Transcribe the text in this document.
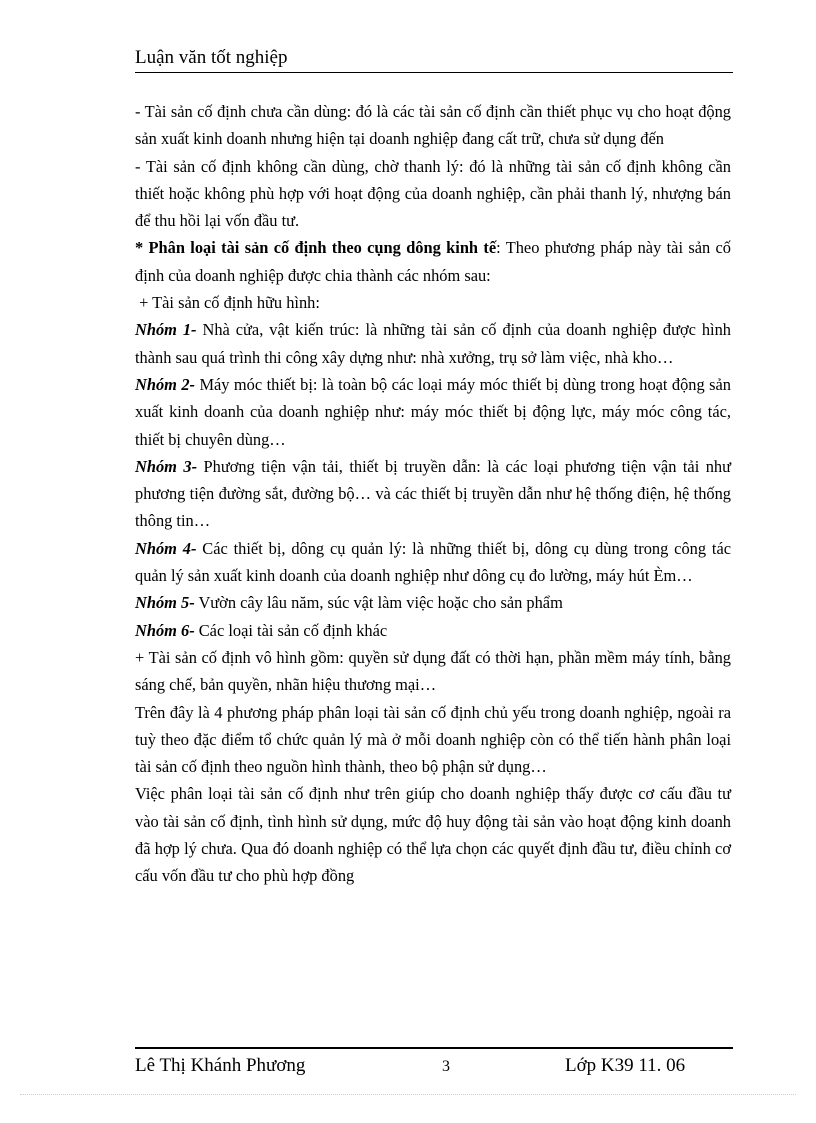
Luận văn tốt nghiệp

- Tài sản cố định chưa cần dùng: đó là các tài sản cố định cần thiết phục vụ cho hoạt động sản xuất kinh doanh nhưng hiện tại doanh nghiệp đang cất trữ, chưa sử dụng đến

- Tài sản cố định không cần dùng, chờ thanh lý: đó là những tài sản cố định không cần thiết hoặc không phù hợp với hoạt động của doanh nghiệp, cần phải thanh lý, nhượng bán để thu hồi lại vốn đầu tư.

* Phân loại tài sản cố định theo cụng dông kinh tế: Theo phương pháp này tài sản cố định của doanh nghiệp được chia thành các nhóm sau:

+ Tài sản cố định hữu hình:

Nhóm 1- Nhà cửa, vật kiến trúc: là những tài sản cố định của doanh nghiệp được hình thành sau quá trình thi công xây dựng như: nhà xưởng, trụ sở làm việc, nhà kho…

Nhóm 2- Máy móc thiết bị: là toàn bộ các loại máy móc thiết bị dùng trong hoạt động sản xuất kinh doanh của doanh nghiệp như: máy móc thiết bị động lực, máy móc công tác, thiết bị chuyên dùng…

Nhóm 3- Phương tiện vận tải, thiết bị truyền dẫn: là các loại phương tiện vận tải như phương tiện đường sắt, đường bộ… và các thiết bị truyền dẫn như hệ thống điện, hệ thống thông tin…

Nhóm 4- Các thiết bị, dông cụ quản lý: là những thiết bị, dông cụ dùng trong công tác quản lý sản xuất kinh doanh của doanh nghiệp như dông cụ đo lường, máy hút Èm…

Nhóm 5- Vườn cây lâu năm, súc vật làm việc hoặc cho sản phẩm

Nhóm 6- Các loại tài sản cố định khác

+ Tài sản cố định vô hình gồm: quyền sử dụng đất có thời hạn, phần mềm máy tính, bằng sáng chế, bản quyền, nhãn hiệu thương mại…

Trên đây là 4 phương pháp phân loại tài sản cố định chủ yếu trong doanh nghiệp, ngoài ra tuỳ theo đặc điểm tổ chức quản lý mà ở mỗi doanh nghiệp còn có thể tiến hành phân loại tài sản cố định theo nguồn hình thành, theo bộ phận sử dụng…

Việc phân loại tài sản cố định như trên giúp cho doanh nghiệp thấy được cơ cấu đầu tư vào tài sản cố định, tình hình sử dụng, mức độ huy động tài sản vào hoạt động kinh doanh đã hợp lý chưa. Qua đó doanh nghiệp có thể lựa chọn các quyết định đầu tư, điều chỉnh cơ cấu vốn đầu tư cho phù hợp đồng

Lê Thị Khánh Phương	3	Lớp K39 11. 06
